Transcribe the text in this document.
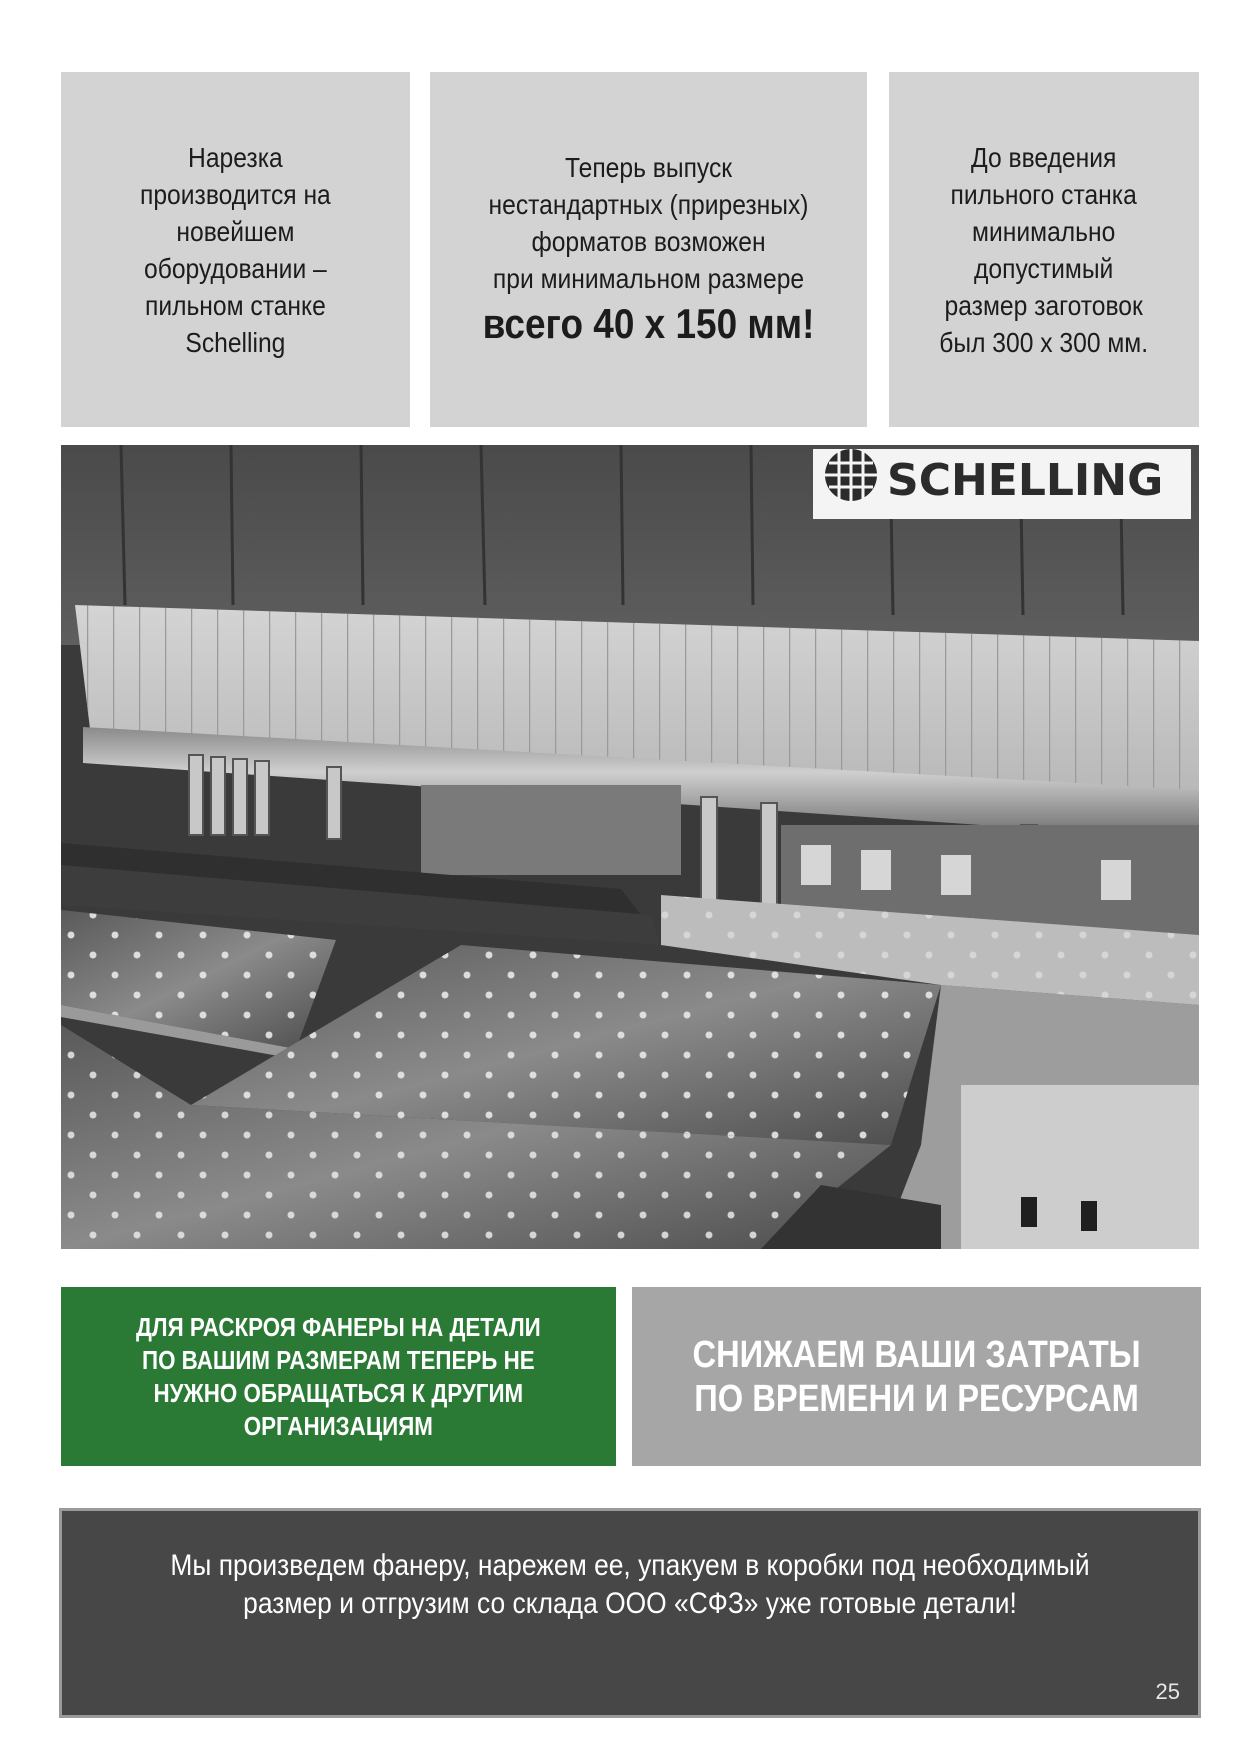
Нарезка
производится на
новейшем
оборудовании –
пильном станке
Schelling

Теперь выпуск
нестандартных (прирезных)
форматов возможен
при минимальном размере
всего 40 х 150 мм!

До введения
пильного станка
минимально
допустимый
размер заготовок
был 300 х 300 мм.

SCHELLING

ДЛЯ РАСКРОЯ ФАНЕРЫ НА ДЕТАЛИ
ПО ВАШИМ РАЗМЕРАМ ТЕПЕРЬ НЕ
НУЖНО ОБРАЩАТЬСЯ К ДРУГИМ
ОРГАНИЗАЦИЯМ

СНИЖАЕМ ВАШИ ЗАТРАТЫ
ПО ВРЕМЕНИ И РЕСУРСАМ

Мы произведем фанеру, нарежем ее, упакуем в коробки под необходимый
размер и отгрузим со склада ООО «СФЗ» уже готовые детали!

25
